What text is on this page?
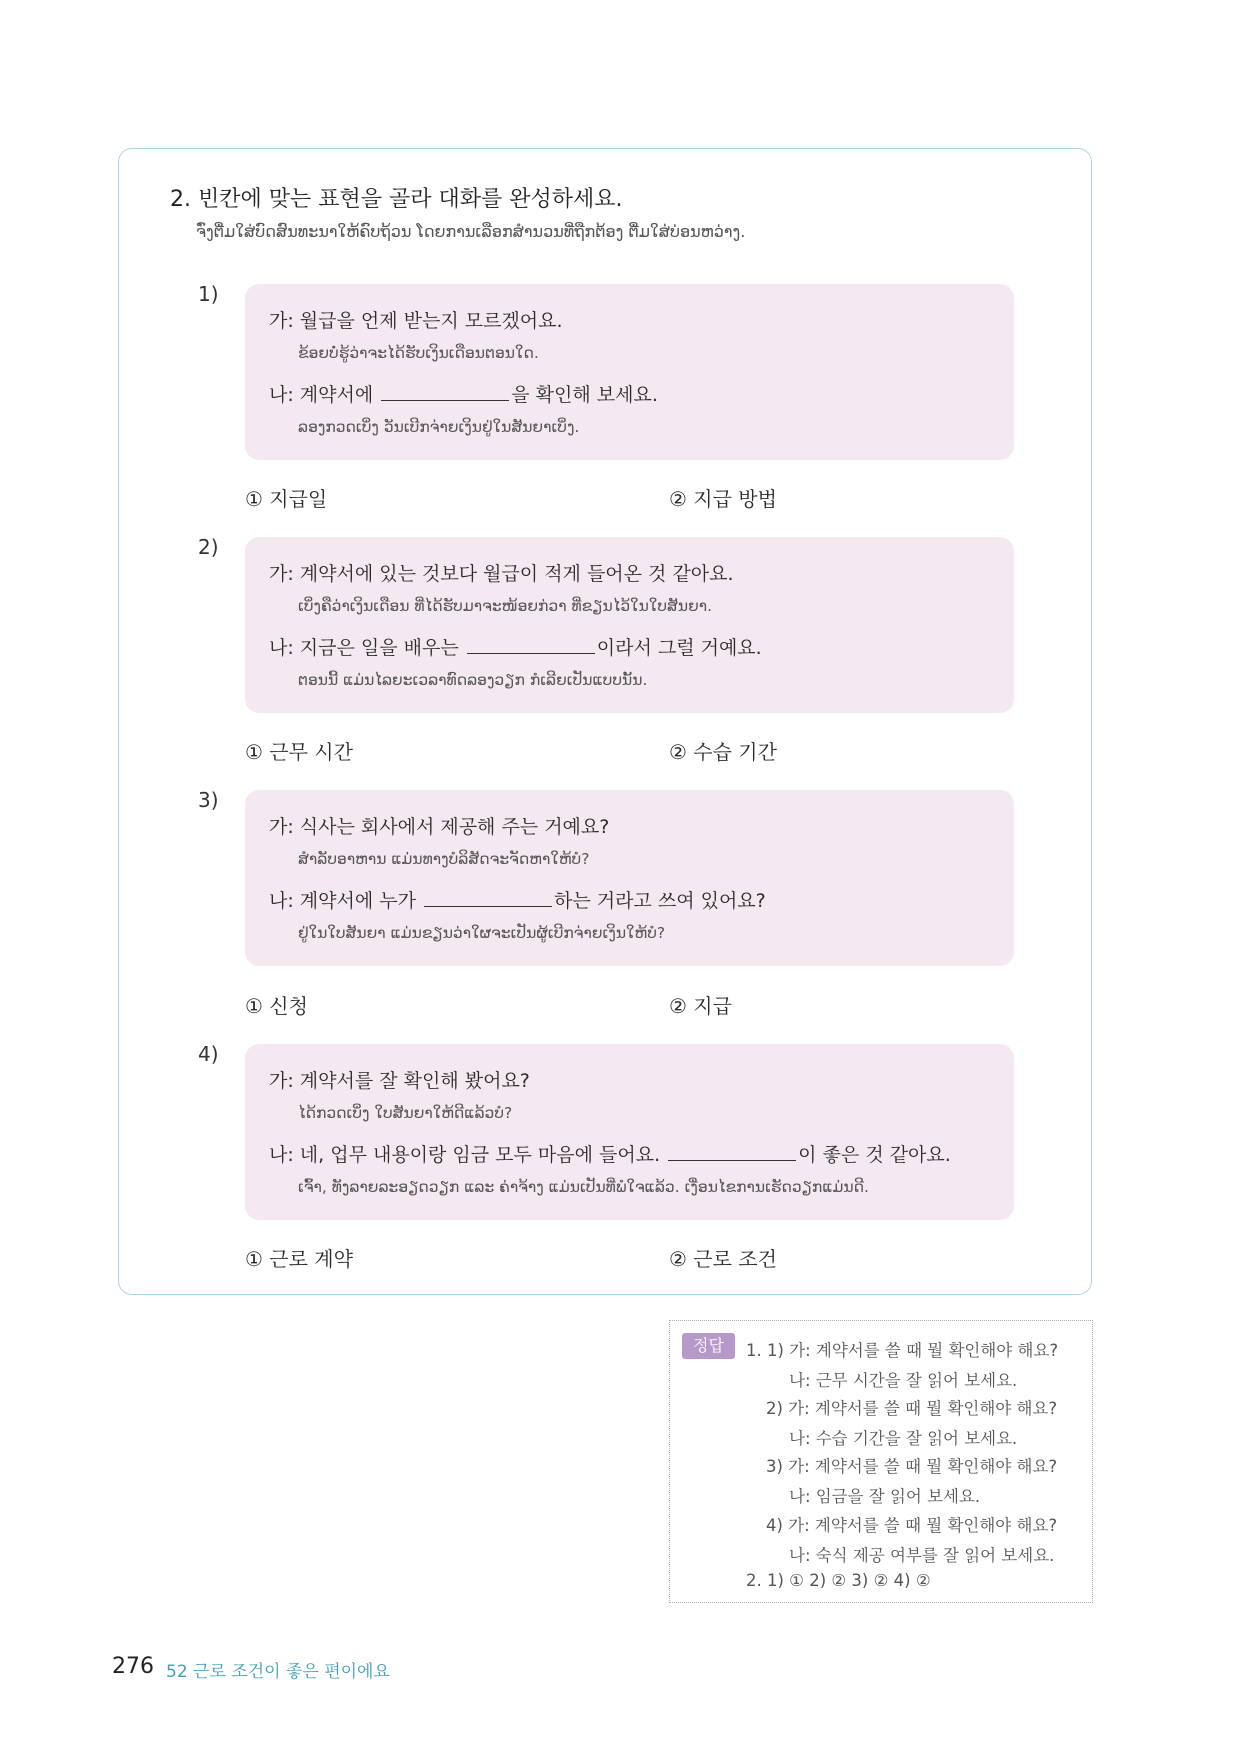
2. 빈칸에 맞는 표현을 골라 대화를 완성하세요.
ຈົ່ງຕື່ມໃສ່ບົດສົນທະນາໃຫ້ຄົບຖ້ວນ ໂດຍການເລືອກສຳນວນທີ່ຖືກຕ້ອງ ຕື່ມໃສ່ບ່ອນຫວ່າງ.
1)
가: 월급을 언제 받는지 모르겠어요.
ຂ້ອຍບໍ່ຮູ້ວ່າຈະໄດ້ຮັບເງິນເດືອນຕອນໃດ.
나: 계약서에	을 확인해 보세요.
ລອງກວດເບິ່ງ ວັນເບີກຈ່າຍເງິນຢູ່ໃນສັນຍາເບິ່ງ.
① 지급일	② 지급 방법
2)
가: 계약서에 있는 것보다 월급이 적게 들어온 것 같아요.
ເບິ່ງຄືວ່າເງິນເດືອນ ທີ່ໄດ້ຮັບມາຈະໜ້ອຍກ່ວາ ທີ່ຂຽນໄວ້ໃນໃບສັນຍາ.
나: 지금은 일을 배우는	이라서 그럴 거예요.
ຕອນນີ້ ແມ່ນໄລຍະເວລາທົດລອງວຽກ ກໍເລີຍເປັນແບບນັ້ນ.
① 근무 시간	② 수습 기간
3)
가: 식사는 회사에서 제공해 주는 거예요?
ສຳລັບອາຫານ ແມ່ນທາງບໍລິສັດຈະຈັດຫາໃຫ້ບໍ?
나: 계약서에 누가	하는 거라고 쓰여 있어요?
ຢູ່ໃນໃບສັນຍາ ແມ່ນຂຽນວ່າໃຜຈະເປັນຜູ້ເບີກຈ່າຍເງິນໃຫ້ບໍ?
① 신청	② 지급
4)
가: 계약서를 잘 확인해 봤어요?
ໄດ້ກວດເບິ່ງ ໃບສັນຍາໃຫ້ດີແລ້ວບໍ?
나: 네, 업무 내용이랑 임금 모두 마음에 들어요.	이 좋은 것 같아요.
ເຈົ້າ, ທັງລາຍລະອຽດວຽກ ແລະ ຄ່າຈ້າງ ແມ່ນເປັນທີ່ພໍໃຈແລ້ວ. ເງື່ອນໄຂການເຮັດວຽກແມ່ນດີ.
① 근로 계약	② 근로 조건
정답	1. 1) 가: 계약서를 쓸 때 뭘 확인해야 해요?
나: 근무 시간을 잘 읽어 보세요.
2) 가: 계약서를 쓸 때 뭘 확인해야 해요?
나: 수습 기간을 잘 읽어 보세요.
3) 가: 계약서를 쓸 때 뭘 확인해야 해요?
나: 임금을 잘 읽어 보세요.
4) 가: 계약서를 쓸 때 뭘 확인해야 해요?
나: 숙식 제공 여부를 잘 읽어 보세요.
2. 1) ① 2) ② 3) ② 4) ②
276 52 근로 조건이 좋은 편이에요
